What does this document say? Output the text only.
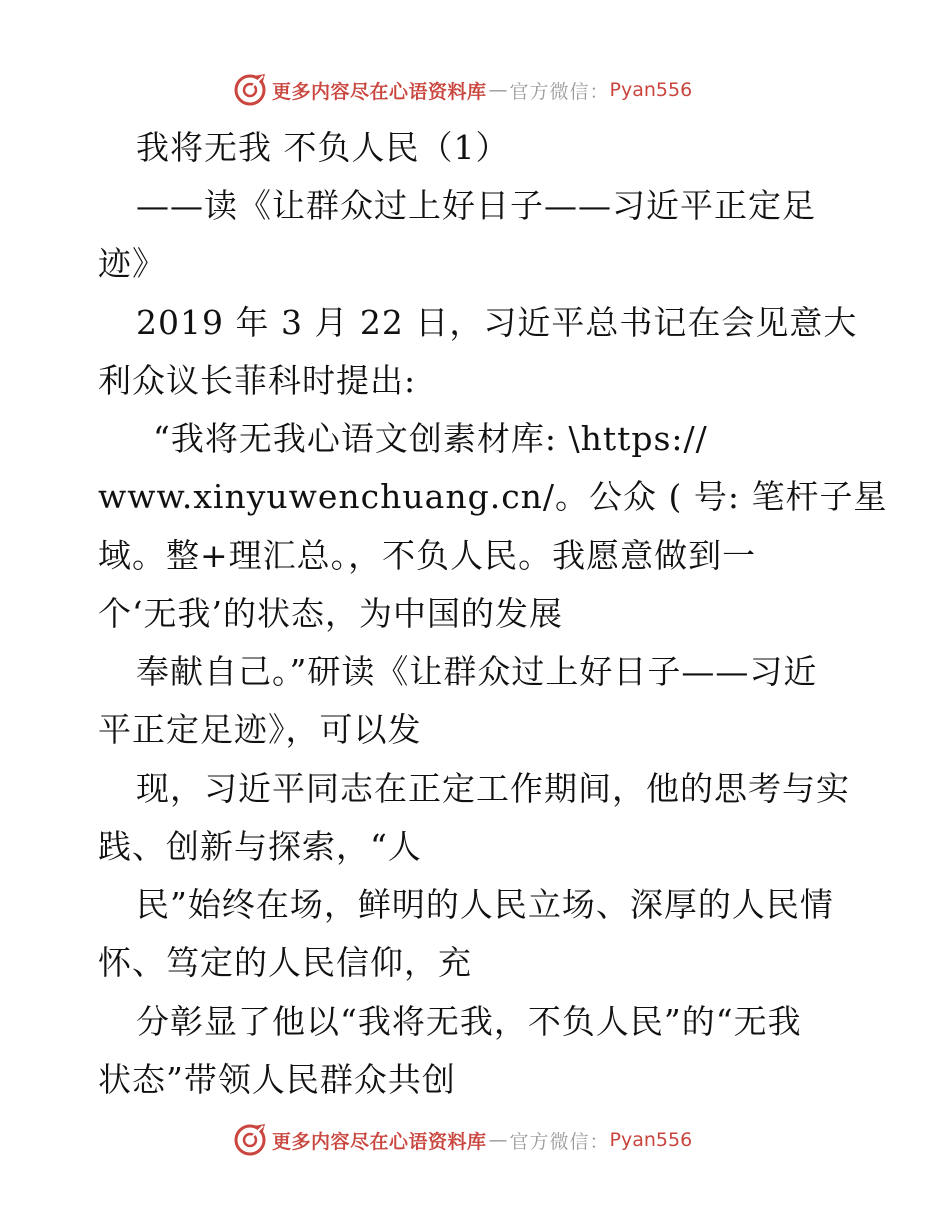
更多内容尽在心语资料库 — 官方微信： Pyan556

我将无我 不负人民（1）

——读《让群众过上好日子——习近平正定足

迹》

2019 年 3 月 22 日，习近平总书记在会见意大

利众议长菲科时提出:

“我将无我心语文创素材库: \https://

www.xinyuwenchuang.cn/。公众 ( 号: 笔杆子星

域。整+理汇总。，不负人民。我愿意做到一

个‘无我’的状态，为中国的发展

奉献自己。”研读《让群众过上好日子——习近

平正定足迹》，可以发

现，习近平同志在正定工作期间，他的思考与实

践、创新与探索，“人

民”始终在场，鲜明的人民立场、深厚的人民情

怀、笃定的人民信仰，充

分彰显了他以“我将无我，不负人民”的“无我

状态”带领人民群众共创

更多内容尽在心语资料库 — 官方微信： Pyan556
